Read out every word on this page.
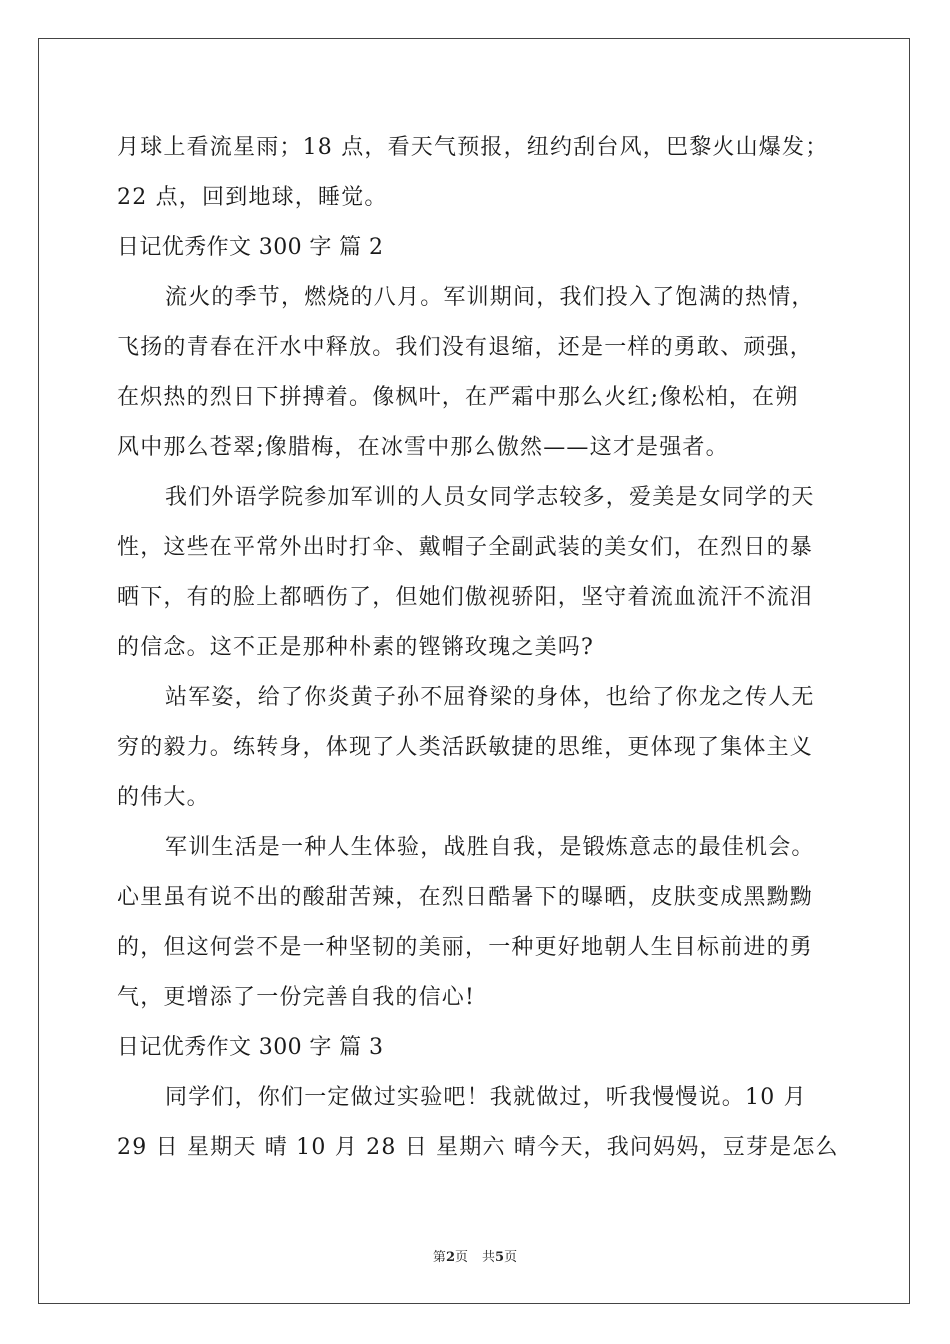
月球上看流星雨；18 点，看天气预报，纽约刮台风，巴黎火山爆发；
22 点，回到地球，睡觉。
日记优秀作文 300 字 篇 2
流火的季节，燃烧的八月。军训期间，我们投入了饱满的热情，
飞扬的青春在汗水中释放。我们没有退缩，还是一样的勇敢、顽强，
在炽热的烈日下拼搏着。像枫叶，在严霜中那么火红;像松柏，在朔
风中那么苍翠;像腊梅，在冰雪中那么傲然——这才是强者。
我们外语学院参加军训的人员女同学志较多，爱美是女同学的天
性，这些在平常外出时打伞、戴帽子全副武装的美女们，在烈日的暴
晒下，有的脸上都晒伤了，但她们傲视骄阳，坚守着流血流汗不流泪
的信念。这不正是那种朴素的铿锵玫瑰之美吗?
站军姿，给了你炎黄子孙不屈脊梁的身体，也给了你龙之传人无
穷的毅力。练转身，体现了人类活跃敏捷的思维，更体现了集体主义
的伟大。
军训生活是一种人生体验，战胜自我，是锻炼意志的最佳机会。
心里虽有说不出的酸甜苦辣，在烈日酷暑下的曝晒，皮肤变成黑黝黝
的，但这何尝不是一种坚韧的美丽，一种更好地朝人生目标前进的勇
气，更增添了一份完善自我的信心!
日记优秀作文 300 字 篇 3
同学们，你们一定做过实验吧！我就做过，听我慢慢说。10 月
29 日 星期天 晴 10 月 28 日 星期六 晴今天，我问妈妈，豆芽是怎么
第2页 共5页
